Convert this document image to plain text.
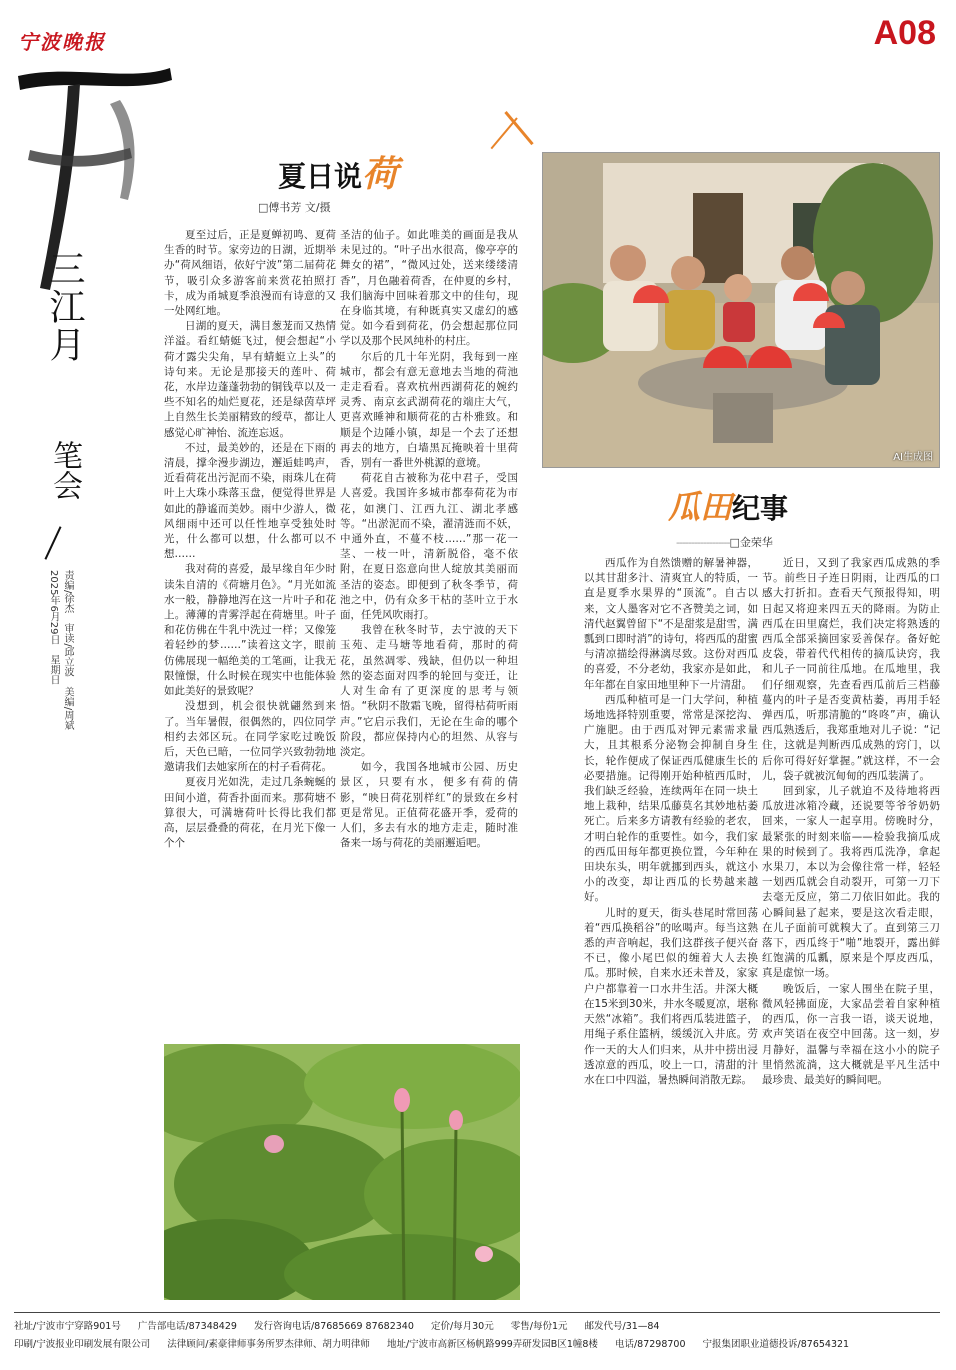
宁波晚报	A08
三江月
笔会
2025年6月29日　星期日 责编/徐杰　审读/邱立波　美编/周斌
夏日说荷
□傅书芳 文/摄

夏至过后，正是夏蝉初鸣、夏荷生香的时节。家旁边的日湖，近期举办“荷风细语，依好宁波”第二届荷花节，吸引众多游客前来赏花拍照打卡，成为甬城夏季浪漫而有诗意的又一处网红地。

日湖的夏天，满目葱茏而又热情洋溢。看红蜻蜓飞过，便会想起“小荷才露尖尖角，早有蜻蜓立上头”的诗句来。无论是那接天的莲叶、荷花，水岸边蓬蓬勃勃的铜钱草以及一些不知名的灿烂夏花，还是绿茵草坪上自然生长美丽精致的绶草，都让人感觉心旷神怡、流连忘返。

不过，最美妙的，还是在下雨的清晨，撑伞漫步湖边，邂逅蛙鸣声，近看荷花出污泥而不染，雨珠儿在荷叶上大珠小珠落玉盘，便觉得世界是如此的静谧而美妙。雨中少游人，微风细雨中还可以任性地享受独处时光，什么都可以想，什么都可以不想……

我对荷的喜爱，最早缘自年少时读朱自清的《荷塘月色》。“月光如流水一般，静静地泻在这一片叶子和花上。薄薄的青雾浮起在荷塘里。叶子和花仿佛在牛乳中洗过一样；又像笼着轻纱的梦……”读着这文字，眼前仿佛展现一幅绝美的工笔画，让我无限憧憬，什么时候在现实中也能体验如此美好的景致呢？

没想到，机会很快就翩然到来了。当年暑假，很偶然的，四位同学相约去郊区玩。在同学家吃过晚饭后，天色已暗，一位同学兴致勃勃地邀请我们去她家所在的村子看荷花。

夏夜月光如洗，走过几条蜿蜒的田间小道，荷香扑面而来。那荷塘不算很大，可满塘荷叶长得比我们都高，层层叠叠的荷花，在月光下像一个个

圣洁的仙子。如此唯美的画面是我从未见过的。“叶子出水很高，像亭亭的舞女的裙”，“微风过处，送来缕缕清香”，月色融着荷香，在仲夏的乡村，我们脑海中回味着那文中的佳句，现在身临其境，有种既真实又虚幻的感觉。如今看到荷花，仍会想起那位同学以及那个民风纯朴的村庄。

尔后的几十年光阴，我每到一座城市，都会有意无意地去当地的荷池走走看看。喜欢杭州西湖荷花的婉约灵秀、南京玄武湖荷花的端庄大气，更喜欢睡神和顺荷花的古朴雅致。和顺是个边陲小镇，却是一个去了还想再去的地方，白墙黑瓦掩映着十里荷香，别有一番世外桃源的意境。

荷花自古被称为花中君子，受国人喜爱。我国许多城市都奉荷花为市花，如澳门、江西九江、湖北孝感等。“出淤泥而不染，濯清涟而不妖，中通外直，不蔓不枝……”那一花一茎、一枝一叶，清新脱俗，毫不依附，在夏日恣意向世人绽放其美丽而圣洁的姿态。即便到了秋冬季节，荷池之中，仍有众多干枯的茎叶立于水面，任凭风吹雨打。

我曾在秋冬时节，去宁波的天下玉苑、走马塘等地看荷，那时的荷花，虽然凋零、残缺，但仍以一种坦然的姿态面对四季的轮回与变迁，让人对生命有了更深度的思考与领悟。“秋阴不散霜飞晚，留得枯荷听雨声。”它启示我们，无论在生命的哪个阶段，都应保持内心的坦然、从容与淡定。

如今，我国各地城市公园、历史景区，只要有水，便多有荷的倩影，“映日荷花别样红”的景致在乡村更是常见。正值荷花盛开季，爱荷的人们，多去有水的地方走走，随时准备来一场与荷花的美丽邂逅吧。

AI生成图
瓜田纪事
------------------□金荣华

西瓜作为自然馈赠的解暑神器，以其甘甜多汁、清爽宜人的特质，一直是夏季水果界的“顶流”。自古以来，文人墨客对它不吝赞美之词，如清代赵翼曾留下“不是甜浆是甜雪，满瓢到口即时消”的诗句，将西瓜的甜蜜与清凉描绘得淋漓尽致。这份对西瓜的喜爱，不分老幼，我家亦是如此，年年都在自家田地里种下一片清甜。

西瓜种植可是一门大学问，种植场地选择特别重要，常常是深挖沟、广施肥。由于西瓜对钾元素需求量大，且其根系分泌物会抑制自身生长，轮作便成了保证西瓜健康生长的必要措施。记得刚开始种植西瓜时，我们缺乏经验，连续两年在同一块土地上栽种，结果瓜藤莫名其妙地枯萎死亡。后来多方请教有经验的老农，才明白轮作的重要性。如今，我们家的西瓜田每年都更换位置，今年种在田块东头，明年就挪到西头，就这小小的改变，却让西瓜的长势越来越好。

儿时的夏天，街头巷尾时常回荡着“西瓜换稻谷”的吆喝声。每当这熟悉的声音响起，我们这群孩子便兴奋不已，像小尾巴似的缠着大人去换瓜。那时候，自来水还未普及，家家户户都靠着一口水井生活。井深大概在15米到30米，井水冬暖夏凉，堪称天然“冰箱”。我们将西瓜装进篮子，用绳子系住篮柄，缓缓沉入井底。劳作一天的大人们归来，从井中捞出浸透凉意的西瓜，咬上一口，清甜的汁水在口中四溢，暑热瞬间消散无踪。

近日，又到了我家西瓜成熟的季节。前些日子连日阴雨，让西瓜的口感大打折扣。查看天气预报得知，明日起又将迎来四五天的降雨。为防止西瓜在田里腐烂，我们决定将熟透的西瓜全部采摘回家妥善保存。备好蛇皮袋，带着代代相传的摘瓜诀窍，我和儿子一同前往瓜地。在瓜地里，我们仔细观察，先查看西瓜前后三档藤蔓内的叶子是否变黄枯萎，再用手轻弹西瓜，听那清脆的“咚咚”声，确认西瓜熟透后，我郑重地对儿子说：“记住，这就是判断西瓜成熟的窍门，以后你可得好好掌握。”就这样，不一会儿，袋子就被沉甸甸的西瓜装满了。

回到家，儿子就迫不及待地将西瓜放进冰箱冷藏，还说要等爷爷奶奶回来，一家人一起享用。傍晚时分，最紧张的时刻来临——检验我摘瓜成果的时候到了。我将西瓜洗净，拿起水果刀，本以为会像往常一样，轻轻一划西瓜就会自动裂开，可第一刀下去毫无反应，第二刀依旧如此。我的心瞬间悬了起来，要是这次看走眼，在儿子面前可就糗大了。直到第三刀落下，西瓜终于“啪”地裂开，露出鲜红饱满的瓜瓤，原来是个厚皮西瓜，真是虚惊一场。

晚饭后，一家人围坐在院子里，微风轻拂面庞，大家品尝着自家种植的西瓜，你一言我一语，谈天说地，欢声笑语在夜空中回荡。这一刻，岁月静好，温馨与幸福在这小小的院子里悄然流淌，这大概就是平凡生活中最珍贵、最美好的瞬间吧。

社址/宁波市宁穿路901号 广告部电话/87348429 发行咨询电话/87685669 87682340 定价/每月30元 零售/每份1元 邮发代号/31—84
印刷/宁波报业印刷发展有限公司 法律顾问/素豪律师事务所罗杰律师、胡力明律师 地址/宁波市高新区杨帆路999弄研发园B区1幢8楼 电话/87298700 宁报集团职业道德投诉/87654321
